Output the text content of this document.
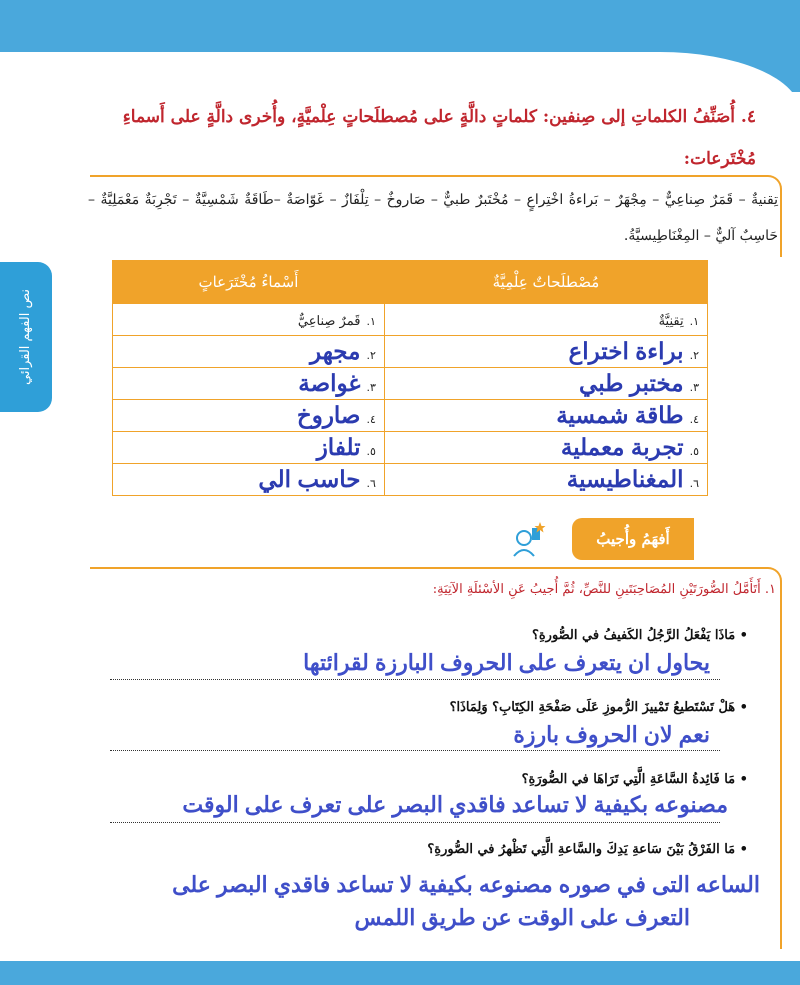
نص الفهم القرائي
٤. أُصَنِّفُ الكلماتِ إلى صِنفين: كلماتٍ دالَّةٍ على مُصطلَحاتٍ عِلْميَّةٍ، وأُخرى دالَّةٍ على أَسماءِ مُخْتَرعات:
تِقنيةٌ – قَمَرٌ صِناعِيٌّ – مِجْهَرٌ – بَراءةُ اخْتِراعٍ – مُخْتَبرٌ طبيٌّ – صَاروخٌ – تِلْفَازٌ – غَوّاصَةٌ –طَاقَةٌ شَمْسِيَّةٌ – تَجْرِبَةٌ مَعْمَلِيَّةٌ – حَاسِبٌ آليٌّ – المِغْنَاطِيسيَّةُ.
مُصْطلَحاتٌ عِلْمِيَّةٌ	أَسْماءُ مُخْتَرَعاتٍ
١.تِقنِيَّةٌ	١.قَمرٌ صِناعِيٌّ
٢.براءة اختراع	٢.مجهر
٣.مختبر طبي	٣.غواصة
٤.طاقة شمسية	٤.صاروخ
٥.تجربة معملية	٥.تلفاز
٦.المغناطيسية	٦.حاسب الي
أَفهَمُ وأُجيبُ
١. أَتَأَمَّلُ الصُّورَتَيْنِ المُصَاحِبَتَينِ للنَّصِّ، ثُمَّ أُجيبُ عَنِ الأسْئلَةِ الآتِيَةِ:
• مَاذَا يَفْعَلُ الرَّجُلُ الكَفيفُ في الصُّورةِ؟
يحاول ان يتعرف على الحروف البارزة لقرائتها
• هَلْ تَسْتَطيعُ تَمْييزَ الرُّموزِ عَلَى صَفْحَةِ الكِتَابِ؟ وَلِمَاذَا؟
نعم لان الحروف بارزة
• مَا فَائِدةُ السَّاعَةِ الَّتِي تَرَاهَا في الصُّورَةِ؟
مصنوعه بكيفية لا تساعد فاقدي البصر على تعرف على الوقت
• مَا الفَرْقُ بَيْنَ سَاعةِ يَدِكَ والسَّاعةِ الَّتِي تَظْهرُ في الصُّورةِ؟
الساعه التى في صوره مصنوعه بكيفية لا تساعد فاقدي البصر على
التعرف على الوقت عن طريق اللمس
